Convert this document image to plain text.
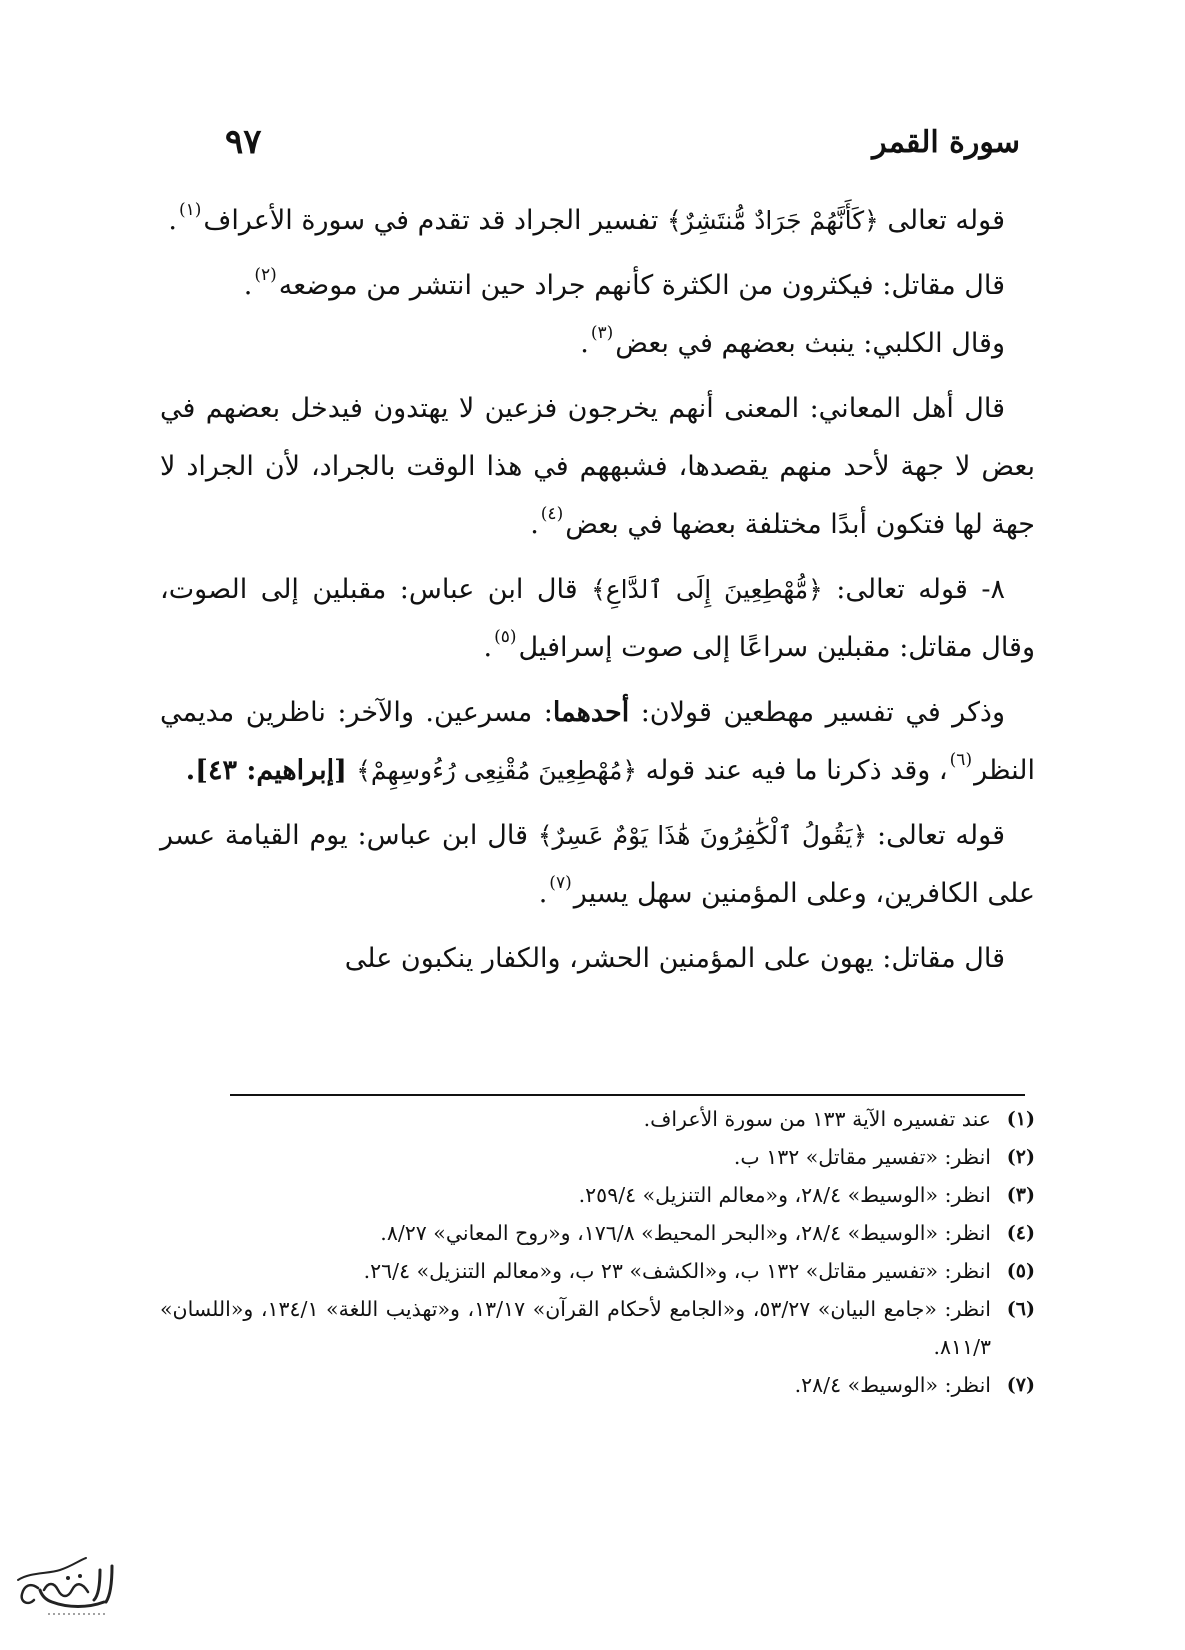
سورة القمر
٩٧

قوله تعالى ﴿كَأَنَّهُمْ جَرَادٌ مُّنتَشِرٌ﴾ تفسير الجراد قد تقدم في سورة الأعراف$^{(١)}$.

قال مقاتل: فيكثرون من الكثرة كأنهم جراد حين انتشر من موضعه$^{(٢)}$.

وقال الكلبي: ينبث بعضهم في بعض$^{(٣)}$.

قال أهل المعاني: المعنى أنهم يخرجون فزعين لا يهتدون فيدخل بعضهم في بعض لا جهة لأحد منهم يقصدها، فشبههم في هذا الوقت بالجراد، لأن الجراد لا جهة لها فتكون أبدًا مختلفة بعضها في بعض$^{(٤)}$.

٨- قوله تعالى: ﴿مُّهْطِعِينَ إِلَى ٱلدَّاعِ﴾ قال ابن عباس: مقبلين إلى الصوت، وقال مقاتل: مقبلين سراعًا إلى صوت إسرافيل$^{(٥)}$.

وذكر في تفسير مهطعين قولان: أحدهما: مسرعين. والآخر: ناظرين مديمي النظر$^{(٦)}$، وقد ذكرنا ما فيه عند قوله ﴿مُهْطِعِينَ مُقْنِعِى رُءُوسِهِمْ﴾ [إبراهيم: ٤٣].

قوله تعالى: ﴿يَقُولُ ٱلْكَٰفِرُونَ هَٰذَا يَوْمٌ عَسِرٌ﴾ قال ابن عباس: يوم القيامة عسر على الكافرين، وعلى المؤمنين سهل يسير$^{(٧)}$.

قال مقاتل: يهون على المؤمنين الحشر، والكفار ينكبون على

(١)
عند تفسيره الآية ١٣٣ من سورة الأعراف.
(٢)
انظر: «تفسير مقاتل» ١٣٢ ب.
(٣)
انظر: «الوسيط» ٢٨/٤، و«معالم التنزيل» ٢٥٩/٤.
(٤)
انظر: «الوسيط» ٢٨/٤، و«البحر المحيط» ١٧٦/٨، و«روح المعاني» ٨/٢٧.
(٥)
انظر: «تفسير مقاتل» ١٣٢ ب، و«الكشف» ٢٣ ب، و«معالم التنزيل» ٢٦/٤.
(٦)
انظر: «جامع البيان» ٥٣/٢٧، و«الجامع لأحكام القرآن» ١٣/١٧، و«تهذيب اللغة» ١٣٤/١، و«اللسان» ٨١١/٣.
(٧)
انظر: «الوسيط» ٢٨/٤.
